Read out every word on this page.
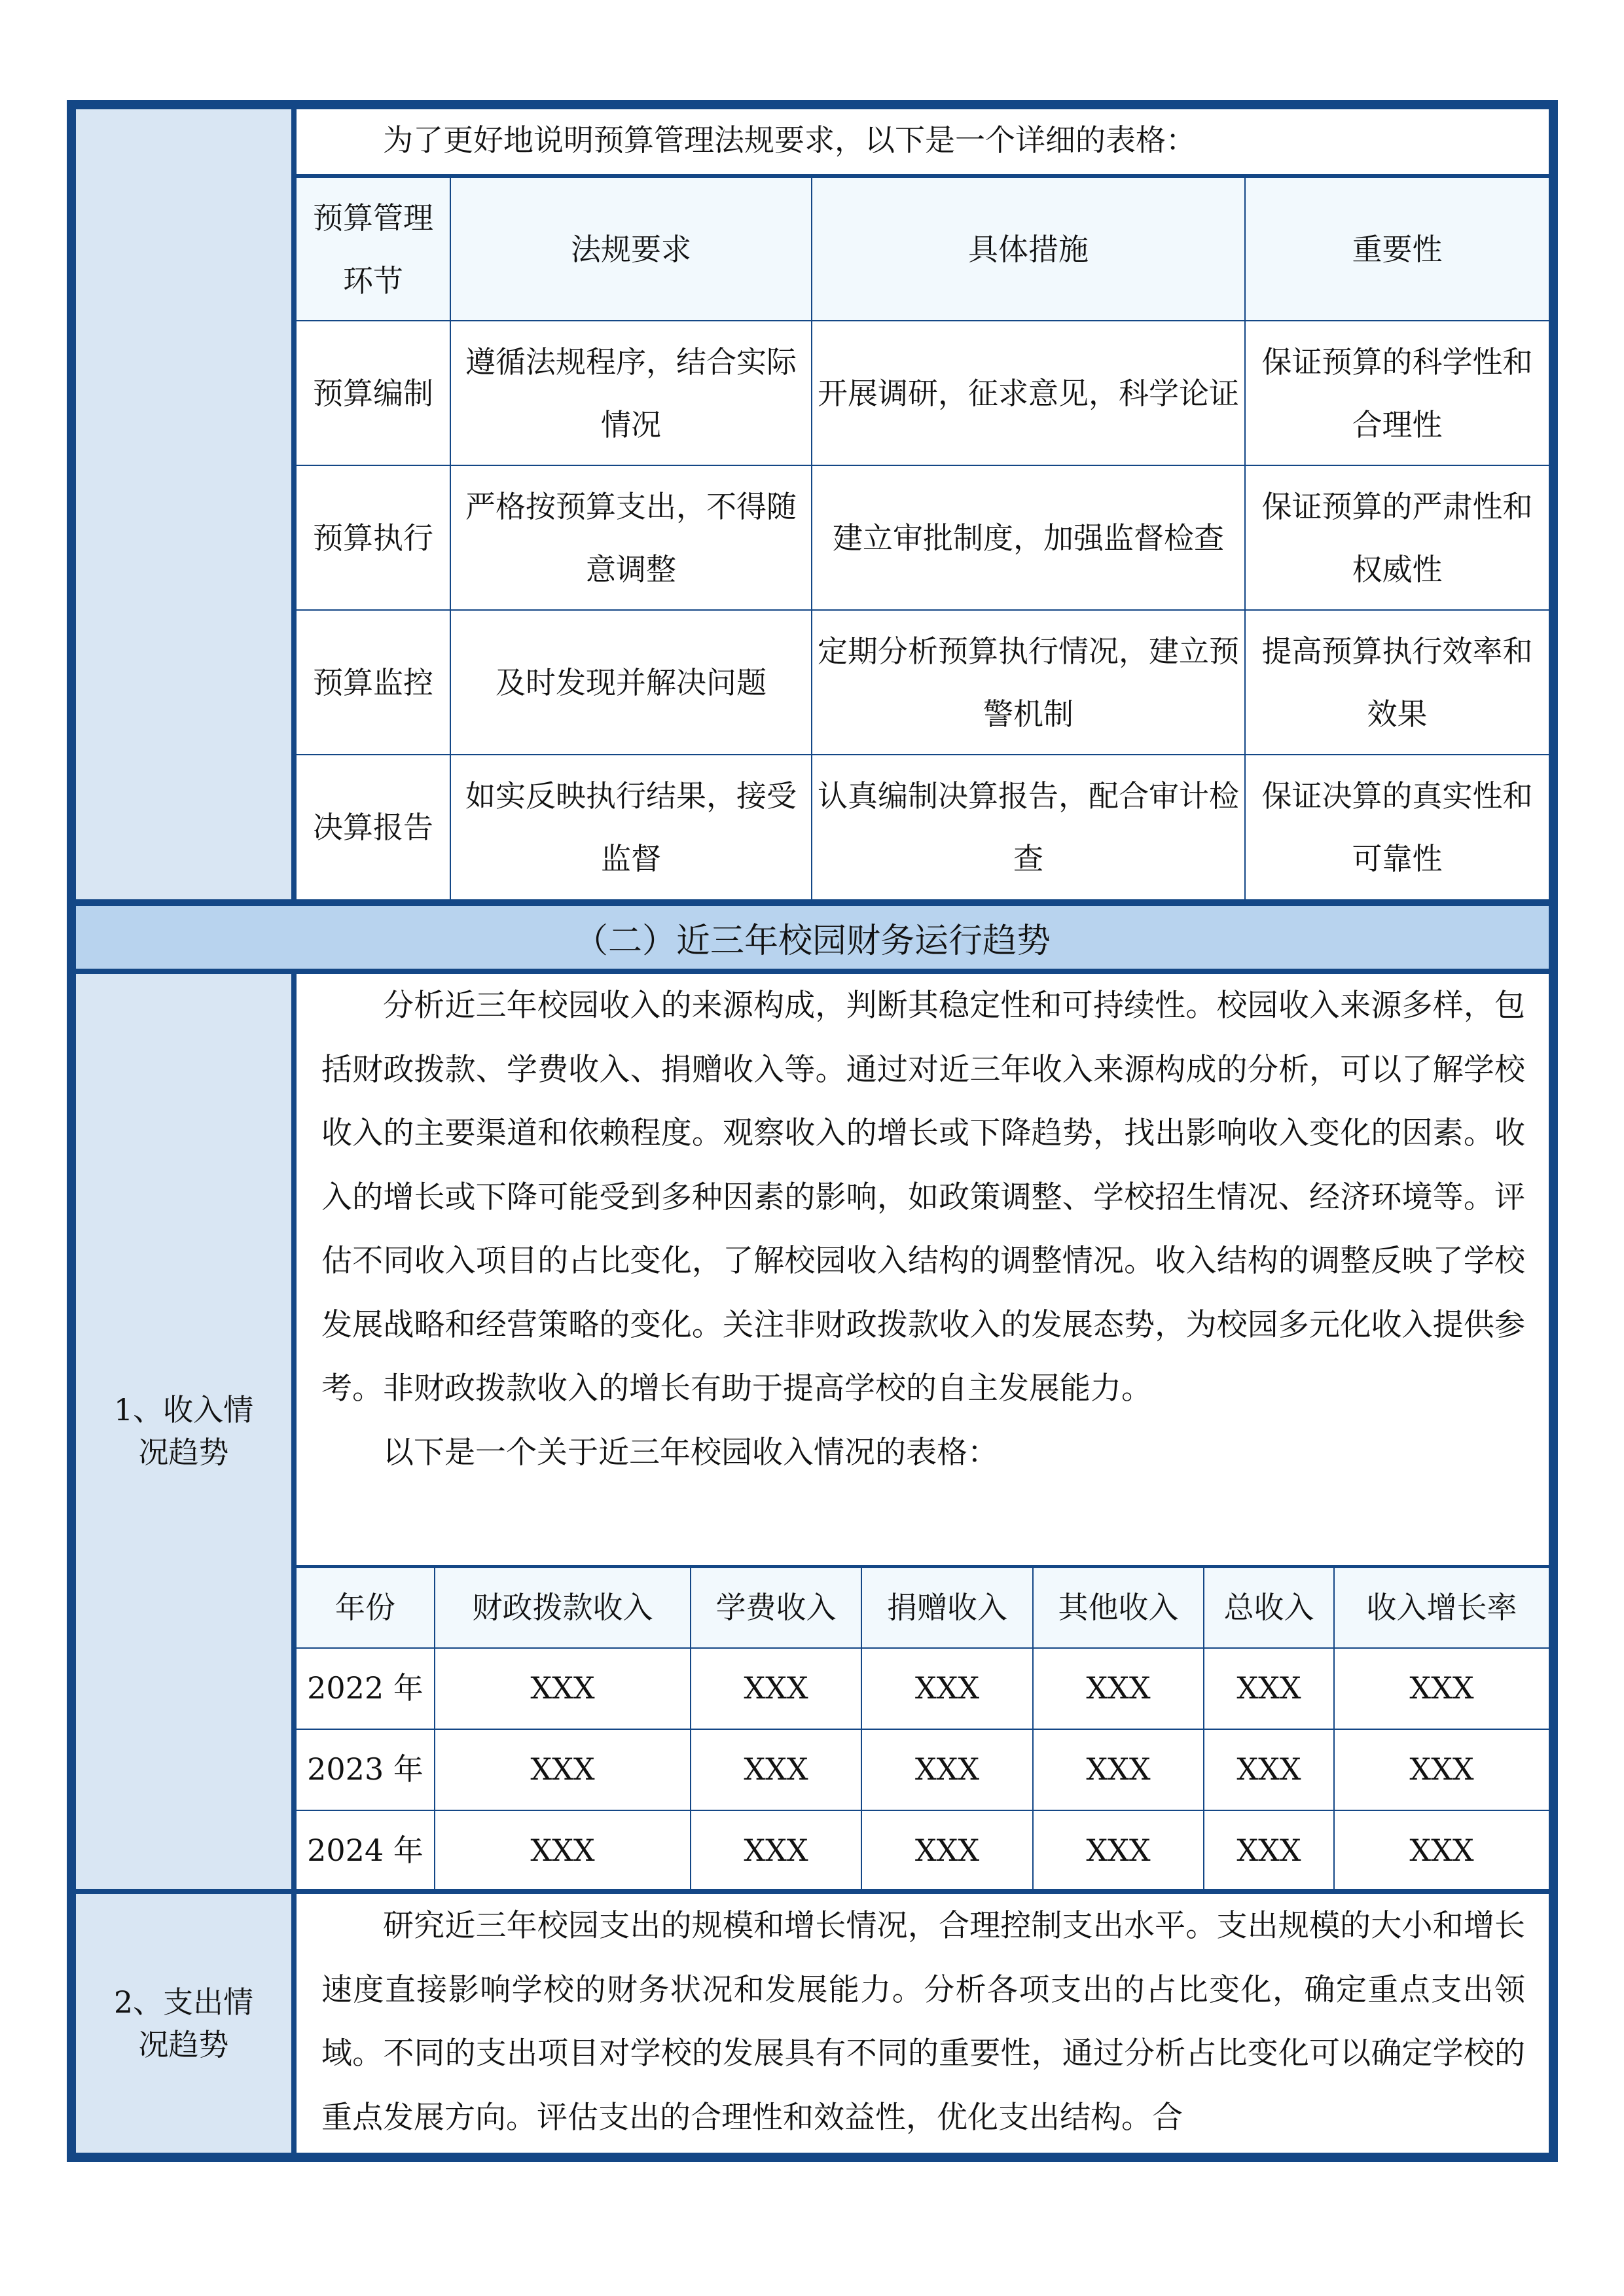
为了更好地说明预算管理法规要求，以下是一个详细的表格：
预算管理环节	法规要求	具体措施	重要性
预算编制	遵循法规程序，结合实际情况	开展调研，征求意见，科学论证	保证预算的科学性和合理性
预算执行	严格按预算支出，不得随意调整	建立审批制度，加强监督检查	保证预算的严肃性和权威性
预算监控	及时发现并解决问题	定期分析预算执行情况，建立预警机制	提高预算执行效率和效果
决算报告	如实反映执行结果，接受监督	认真编制决算报告，配合审计检查	保证决算的真实性和可靠性
（二）近三年校园财务运行趋势
1、收入情况趋势

分析近三年校园收入的来源构成，判断其稳定性和可持续性。校园收入来源多样，包括财政拨款、学费收入、捐赠收入等。通过对近三年收入来源构成的分析，可以了解学校收入的主要渠道和依赖程度。观察收入的增长或下降趋势，找出影响收入变化的因素。收入的增长或下降可能受到多种因素的影响，如政策调整、学校招生情况、经济环境等。评估不同收入项目的占比变化，了解校园收入结构的调整情况。收入结构的调整反映了学校发展战略和经营策略的变化。关注非财政拨款收入的发展态势，为校园多元化收入提供参考。非财政拨款收入的增长有助于提高学校的自主发展能力。

以下是一个关于近三年校园收入情况的表格：

年份	财政拨款收入	学费收入	捐赠收入	其他收入	总收入	收入增长率
2022 年	XXX	XXX	XXX	XXX	XXX	XXX
2023 年	XXX	XXX	XXX	XXX	XXX	XXX
2024 年	XXX	XXX	XXX	XXX	XXX	XXX
2、支出情况趋势

研究近三年校园支出的规模和增长情况，合理控制支出水平。支出规模的大小和增长速度直接影响学校的财务状况和发展能力。分析各项支出的占比变化，确定重点支出领域。不同的支出项目对学校的发展具有不同的重要性，通过分析占比变化可以确定学校的重点发展方向。评估支出的合理性和效益性，优化支出结构。合
